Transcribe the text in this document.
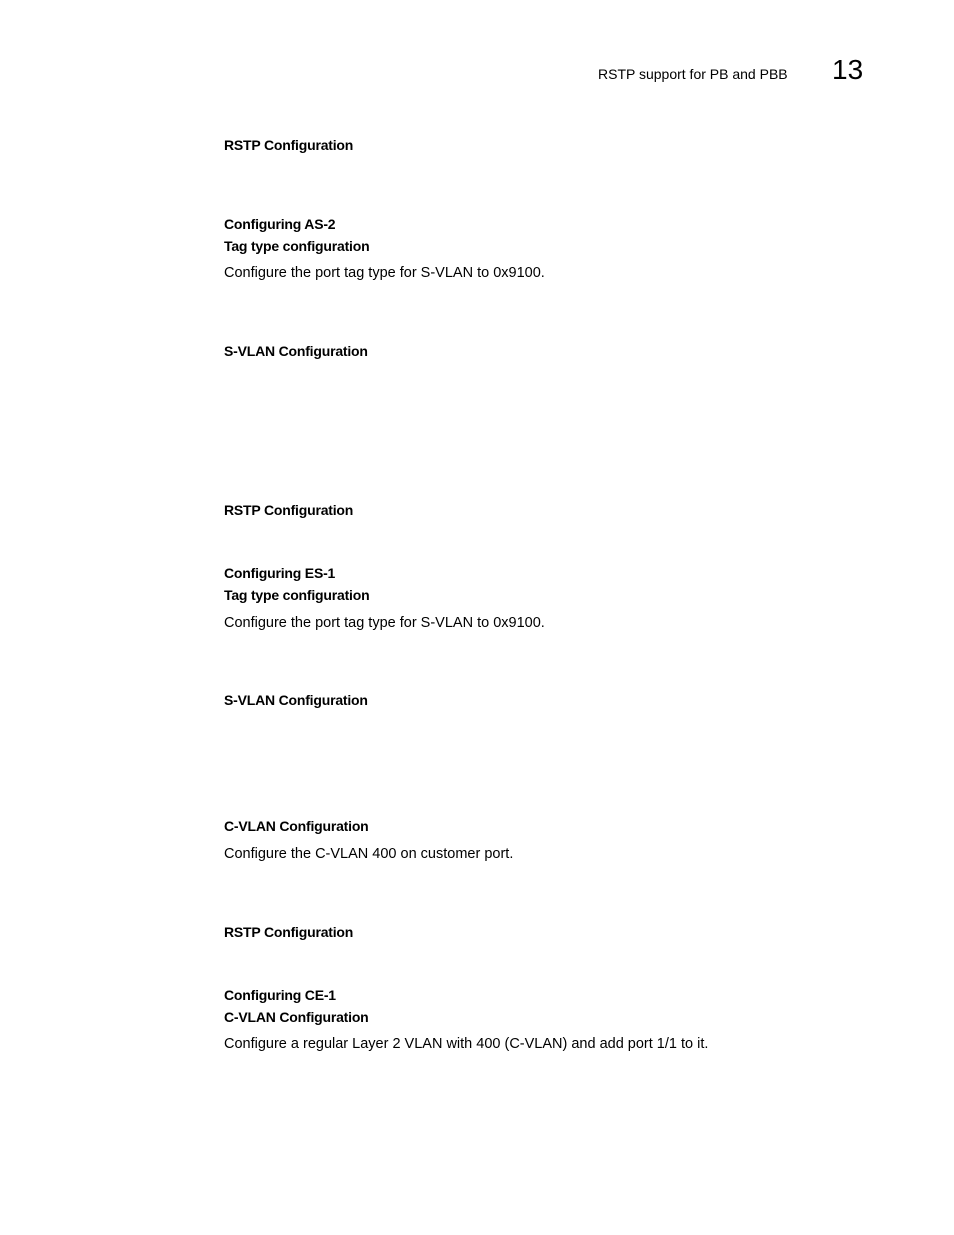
RSTP support for PB and PBB 13
RSTP Configuration
Configuring AS-2
Tag type configuration
Configure the port tag type for S-VLAN to 0x9100.
S-VLAN Configuration
RSTP Configuration
Configuring ES-1
Tag type configuration
Configure the port tag type for S-VLAN to 0x9100.
S-VLAN Configuration
C-VLAN Configuration
Configure the C-VLAN 400 on customer port.
RSTP Configuration
Configuring CE-1
C-VLAN Configuration
Configure a regular Layer 2 VLAN with 400 (C-VLAN) and add port 1/1 to it.
